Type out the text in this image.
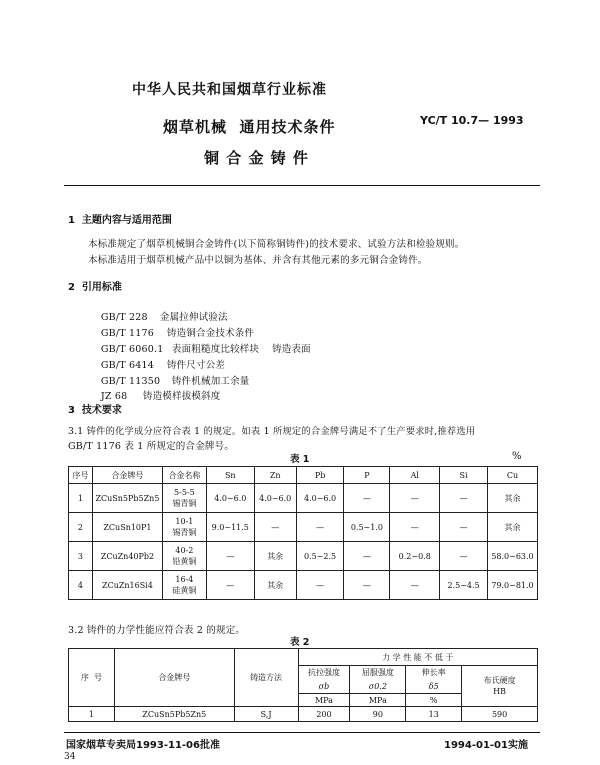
中华人民共和国烟草行业标准
烟草机械  通用技术条件	YC/T 10.7— 1993
铜 合 金 铸 件
1  主题内容与适用范围
本标准规定了烟草机械铜合金铸件(以下简称铜铸件)的技术要求、试验方法和检验规则。
本标准适用于烟草机械产品中以铜为基体、并含有其他元素的多元铜合金铸件。
2  引用标准

GB/T 228 金属拉伸试验法

GB/T 1176 铸造铜合金技术条件

GB/T 6060.1 表面粗糙度比较样块    铸造表面

GB/T 6414 铸件尺寸公差

GB/T 11350 铸件机械加工余量

JZ 68 铸造模样拔模斜度

3  技术要求
3.1 铸件的化学成分应符合表 1 的规定。如表 1 所规定的合金牌号满足不了生产要求时,推荐选用
GB/T 1176 表 1 所规定的合金牌号。
表 1	%
序号	合金牌号	合金名称	Sn	Zn	Pb	P	Al	Si	Cu
1	ZCuSn5Pb5Zn5	5-5-5
锡青铜	4.0~6.0	4.0~6.0	4.0~6.0	—	—	—	其余
2	ZCuSn10P1	10-1
锡青铜	9.0~11.5	—	—	0.5~1.0	—	—	其余
3	ZCuZn40Pb2	40-2
铅黄铜	—	其余	0.5~2.5	—	0.2~0.8	—	58.0~63.0
4	ZCuZn16Si4	16-4
硅黄铜	—	其余	—	—	—	2.5~4.5	79.0~81.0
3.2 铸件的力学性能应符合表 2 的规定。
表 2
序  号	合金牌号	铸造方法	力 学 性 能 不 低 于			
			抗拉强度	屈服强度	伸长率	布氏硬度
HB

			σb	σ0.2	δ5	
			MPa	MPa	%	
1	ZCuSn5Pb5Zn5	S,J	200	90	13	590
国家烟草专卖局1993-11-06批准	1994-01-01实施
34
